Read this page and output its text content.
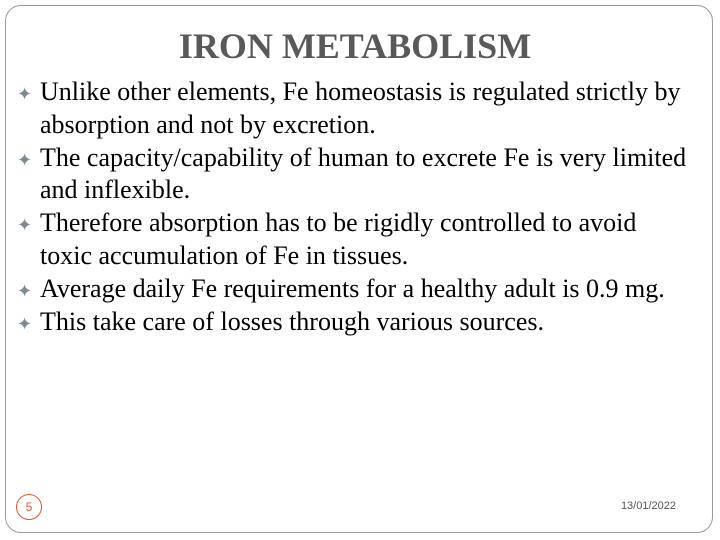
IRON METABOLISM
✦ Unlike other elements, Fe homeostasis is regulated strictly by absorption and not by excretion.
✦ The capacity/capability of human to excrete Fe is very limited and inflexible.
✦ Therefore absorption has to be rigidly controlled to avoid toxic accumulation of Fe in tissues.
✦ Average daily Fe requirements for a healthy adult is 0.9 mg.
✦ This take care of losses through various sources.
5	13/01/2022
